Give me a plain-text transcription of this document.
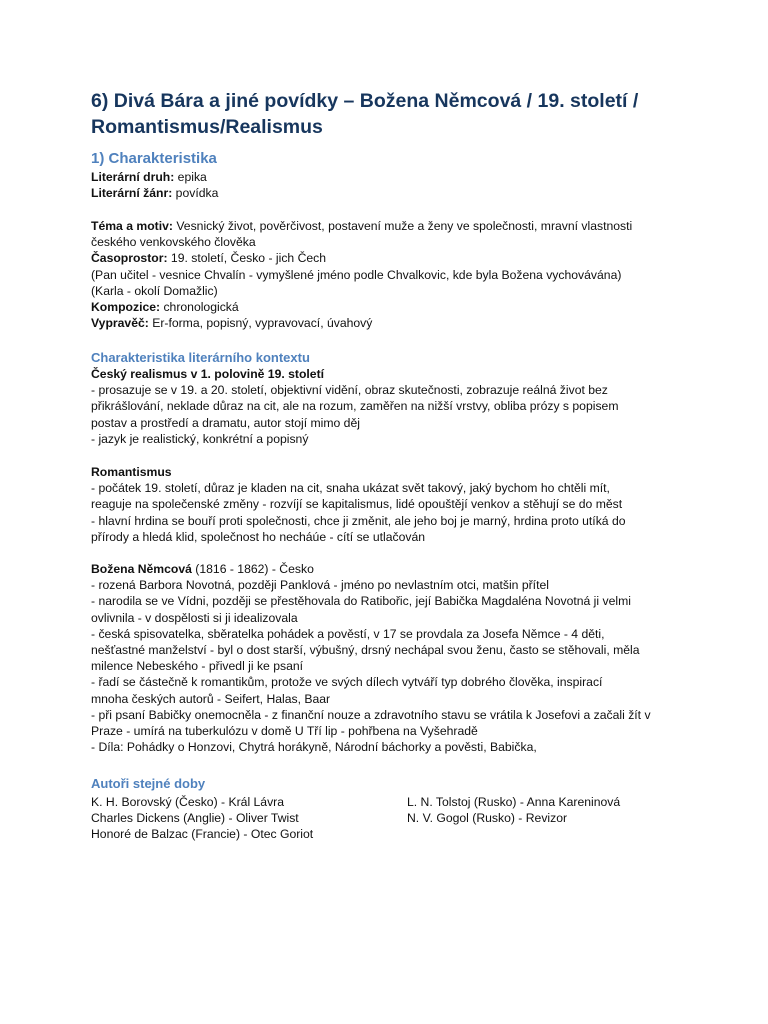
6) Divá Bára a jiné povídky – Božena Němcová / 19. století /
Romantismus/Realismus
1) Charakteristika
Literární druh: epika
Literární žánr: povídka
Téma a motiv: Vesnický život, pověrčivost, postavení muže a ženy ve společnosti, mravní vlastnosti
českého venkovského člověka
Časoprostor: 19. století, Česko - jich Čech
(Pan učitel - vesnice Chvalín - vymyšlené jméno podle Chvalkovic, kde byla Božena vychovávána)
(Karla - okolí Domažlic)
Kompozice: chronologická
Vypravěč: Er-forma, popisný, vypravovací, úvahový
Charakteristika literárního kontextu
Český realismus v 1. polovině 19. století
- prosazuje se v 19. a 20. století, objektivní vidění, obraz skutečnosti, zobrazuje reálná život bez
přikrášlování, neklade důraz na cit, ale na rozum, zaměřen na nižší vrstvy, obliba prózy s popisem
postav a prostředí a dramatu, autor stojí mimo děj
- jazyk je realistický, konkrétní a popisný
Romantismus
- počátek 19. století, důraz je kladen na cit, snaha ukázat svět takový, jaký bychom ho chtěli mít,
reaguje na společenské změny - rozvíjí se kapitalismus, lidé opouštějí venkov a stěhují se do měst
- hlavní hrdina se bouří proti společnosti, chce ji změnit, ale jeho boj je marný, hrdina proto utíká do
přírody a hledá klid, společnost ho necháúe - cítí se utlačován
Božena Němcová (1816 - 1862) - Česko
- rozená Barbora Novotná, později Panklová - jméno po nevlastním otci, matšin přítel
- narodila se ve Vídni, později se přestěhovala do Ratibořic, její Babička Magdaléna Novotná ji velmi
ovlivnila - v dospělosti si ji idealizovala
- česká spisovatelka, sběratelka pohádek a pověstí, v 17 se provdala za Josefa Němce - 4 děti,
nešťastné manželství - byl o dost starší, výbušný, drsný nechápal svou ženu, často se stěhovali, měla
milence Nebeského - přivedl ji ke psaní
- řadí se částečně k romantikům, protože ve svých dílech vytváří typ dobrého člověka, inspirací
mnoha českých autorů - Seifert, Halas, Baar
- při psaní Babičky onemocněla - z finanční nouze a zdravotního stavu se vrátila k Josefovi a začali žít v
Praze - umírá na tuberkulózu v domě U Tří lip - pohřbena na Vyšehradě
- Díla: Pohádky o Honzovi, Chytrá horákyně, Národní báchorky a pověsti, Babička,
Autoři stejné doby
K. H. Borovský (Česko) - Král Lávra
Charles Dickens (Anglie) - Oliver Twist
Honoré de Balzac (Francie) - Otec Goriot
L. N. Tolstoj (Rusko) - Anna Kareninová
N. V. Gogol (Rusko) - Revizor
